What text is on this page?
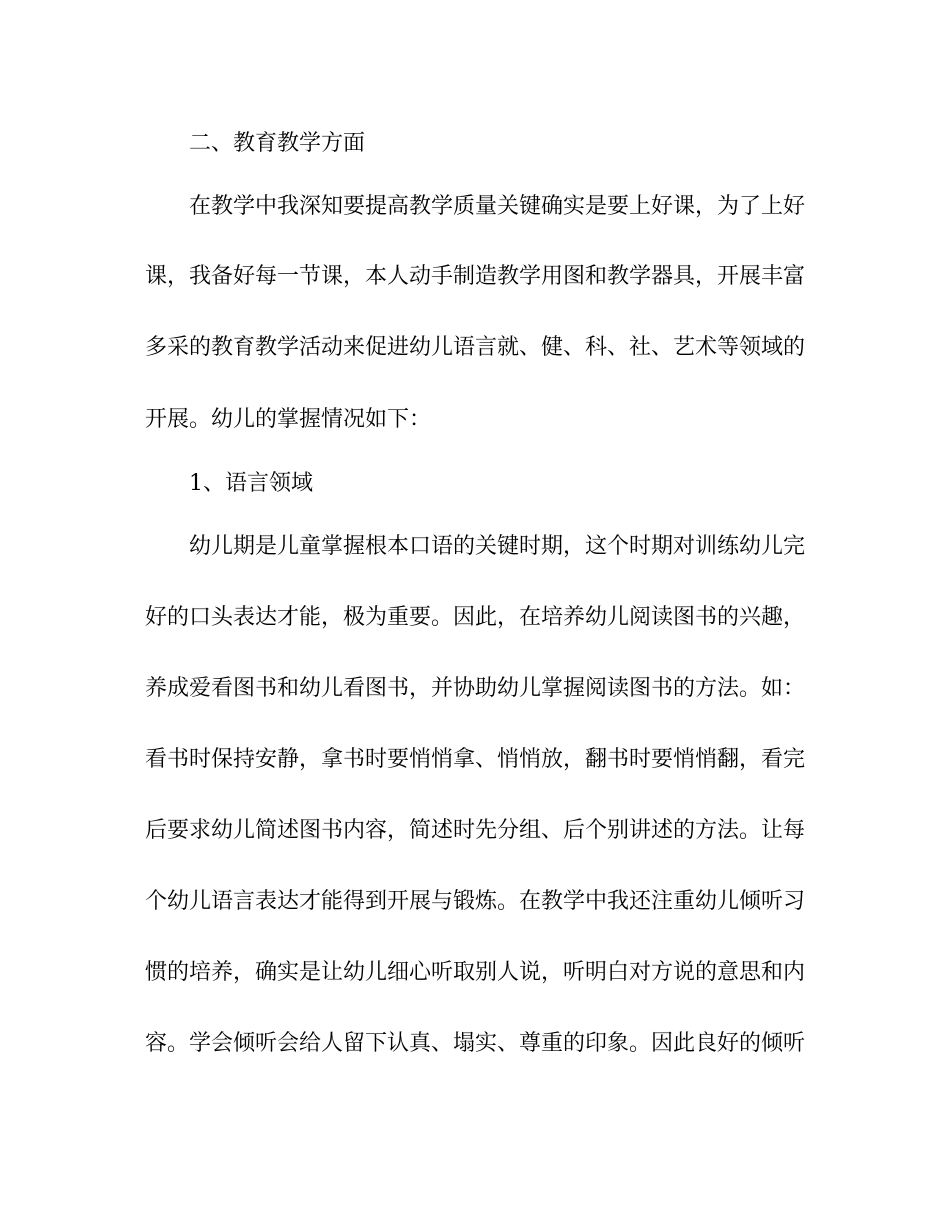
二、教育教学方面
在教学中我深知要提高教学质量关键确实是要上好课，为了上好
课，我备好每一节课，本人动手制造教学用图和教学器具，开展丰富
多采的教育教学活动来促进幼儿语言就、健、科、社、艺术等领域的
开展。幼儿的掌握情况如下：
1、语言领域
幼儿期是儿童掌握根本口语的关键时期，这个时期对训练幼儿完
好的口头表达才能，极为重要。因此，在培养幼儿阅读图书的兴趣，
养成爱看图书和幼儿看图书，并协助幼儿掌握阅读图书的方法。如：
看书时保持安静，拿书时要悄悄拿、悄悄放，翻书时要悄悄翻，看完
后要求幼儿简述图书内容，简述时先分组、后个别讲述的方法。让每
个幼儿语言表达才能得到开展与锻炼。在教学中我还注重幼儿倾听习
惯的培养，确实是让幼儿细心听取别人说，听明白对方说的意思和内
容。学会倾听会给人留下认真、塌实、尊重的印象。因此良好的倾听
